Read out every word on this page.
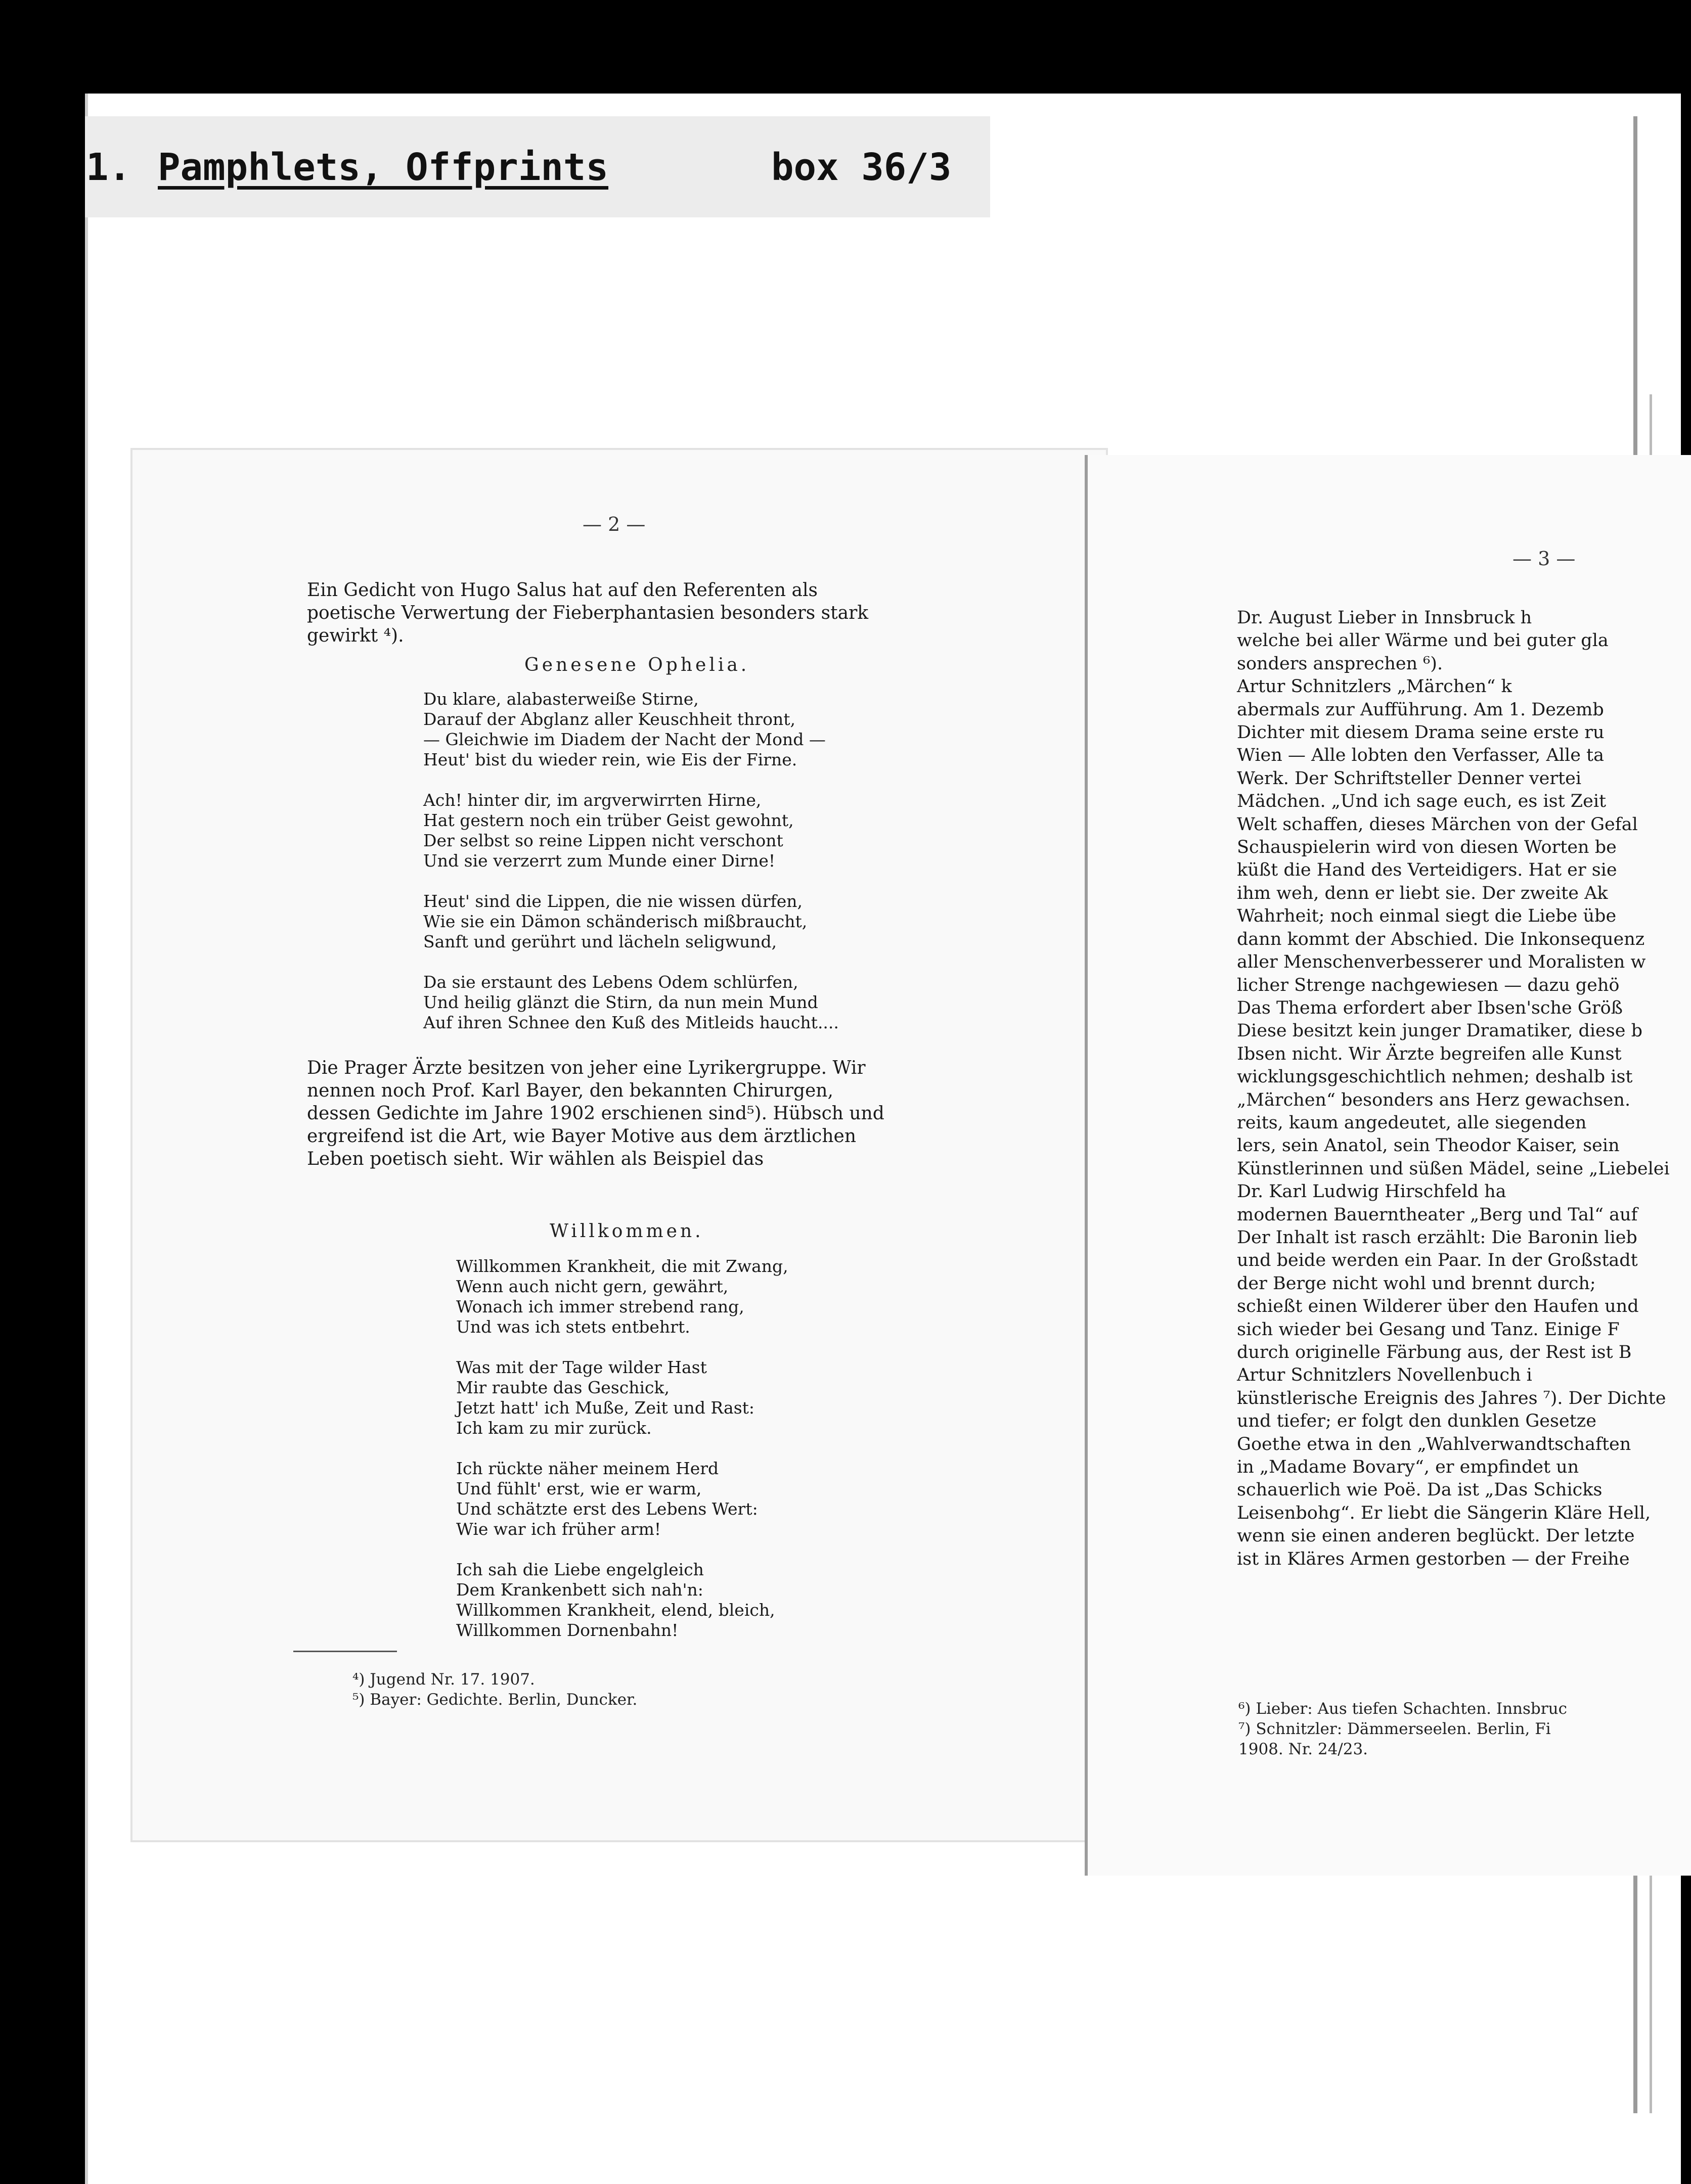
1. Pamphlets, Offprints	box 36/3
— 2 —
Ein Gedicht von Hugo Salus hat auf den Referenten als
poetische Verwertung der Fieberphantasien besonders stark
gewirkt ⁴).
Genesene Ophelia.
Du klare, alabasterweiße Stirne,
Darauf der Abglanz aller Keuschheit thront,
— Gleichwie im Diadem der Nacht der Mond —
Heut' bist du wieder rein, wie Eis der Firne.

Ach! hinter dir, im argverwirrten Hirne,
Hat gestern noch ein trüber Geist gewohnt,
Der selbst so reine Lippen nicht verschont
Und sie verzerrt zum Munde einer Dirne!

Heut' sind die Lippen, die nie wissen dürfen,
Wie sie ein Dämon schänderisch mißbraucht,
Sanft und gerührt und lächeln seligwund,

Da sie erstaunt des Lebens Odem schlürfen,
Und heilig glänzt die Stirn, da nun mein Mund
Auf ihren Schnee den Kuß des Mitleids haucht....
Die Prager Ärzte besitzen von jeher eine Lyrikergruppe. Wir
nennen noch Prof. Karl Bayer, den bekannten Chirurgen,
dessen Gedichte im Jahre 1902 erschienen sind⁵). Hübsch und
ergreifend ist die Art, wie Bayer Motive aus dem ärztlichen
Leben poetisch sieht. Wir wählen als Beispiel das
Willkommen.
Willkommen Krankheit, die mit Zwang,
Wenn auch nicht gern, gewährt,
Wonach ich immer strebend rang,
Und was ich stets entbehrt.

Was mit der Tage wilder Hast
Mir raubte das Geschick,
Jetzt hatt' ich Muße, Zeit und Rast:
Ich kam zu mir zurück.

Ich rückte näher meinem Herd
Und fühlt' erst, wie er warm,
Und schätzte erst des Lebens Wert:
Wie war ich früher arm!

Ich sah die Liebe engelgleich
Dem Krankenbett sich nah'n:
Willkommen Krankheit, elend, bleich,
Willkommen Dornenbahn!
⁴) Jugend Nr. 17. 1907.
⁵) Bayer: Gedichte. Berlin, Duncker.
— 3 —
Dr. August Lieber in Innsbruck h
welche bei aller Wärme und bei guter gla
sonders ansprechen ⁶).
Artur Schnitzlers „Märchen“ k
abermals zur Aufführung. Am 1. Dezemb
Dichter mit diesem Drama seine erste ru
Wien — Alle lobten den Verfasser, Alle ta
Werk. Der Schriftsteller Denner vertei
Mädchen. „Und ich sage euch, es ist Zeit
Welt schaffen, dieses Märchen von der Gefal
Schauspielerin wird von diesen Worten be
küßt die Hand des Verteidigers. Hat er sie
ihm weh, denn er liebt sie. Der zweite Ak
Wahrheit; noch einmal siegt die Liebe übe
dann kommt der Abschied. Die Inkonsequenz
aller Menschenverbesserer und Moralisten w
licher Strenge nachgewiesen — dazu gehö
Das Thema erfordert aber Ibsen'sche Größ
Diese besitzt kein junger Dramatiker, diese b
Ibsen nicht. Wir Ärzte begreifen alle Kunst
wicklungsgeschichtlich nehmen; deshalb ist
„Märchen“ besonders ans Herz gewachsen.
reits, kaum angedeutet, alle siegenden
lers, sein Anatol, sein Theodor Kaiser, sein
Künstlerinnen und süßen Mädel, seine „Liebelei
Dr. Karl Ludwig Hirschfeld ha
modernen Bauerntheater „Berg und Tal“ auf
Der Inhalt ist rasch erzählt: Die Baronin lieb
und beide werden ein Paar. In der Großstadt
der Berge nicht wohl und brennt durch;
schießt einen Wilderer über den Haufen und
sich wieder bei Gesang und Tanz. Einige F
durch originelle Färbung aus, der Rest ist B
Artur Schnitzlers Novellenbuch i
künstlerische Ereignis des Jahres ⁷). Der Dichte
und tiefer; er folgt den dunklen Gesetze
Goethe etwa in den „Wahlverwandtschaften
in „Madame Bovary“, er empfindet un
schauerlich wie Poë. Da ist „Das Schicks
Leisenbohg“. Er liebt die Sängerin Kläre Hell,
wenn sie einen anderen beglückt. Der letzte
ist in Kläres Armen gestorben — der Freihe
⁶) Lieber: Aus tiefen Schachten. Innsbruc
⁷) Schnitzler: Dämmerseelen. Berlin, Fi
1908. Nr. 24/23.
